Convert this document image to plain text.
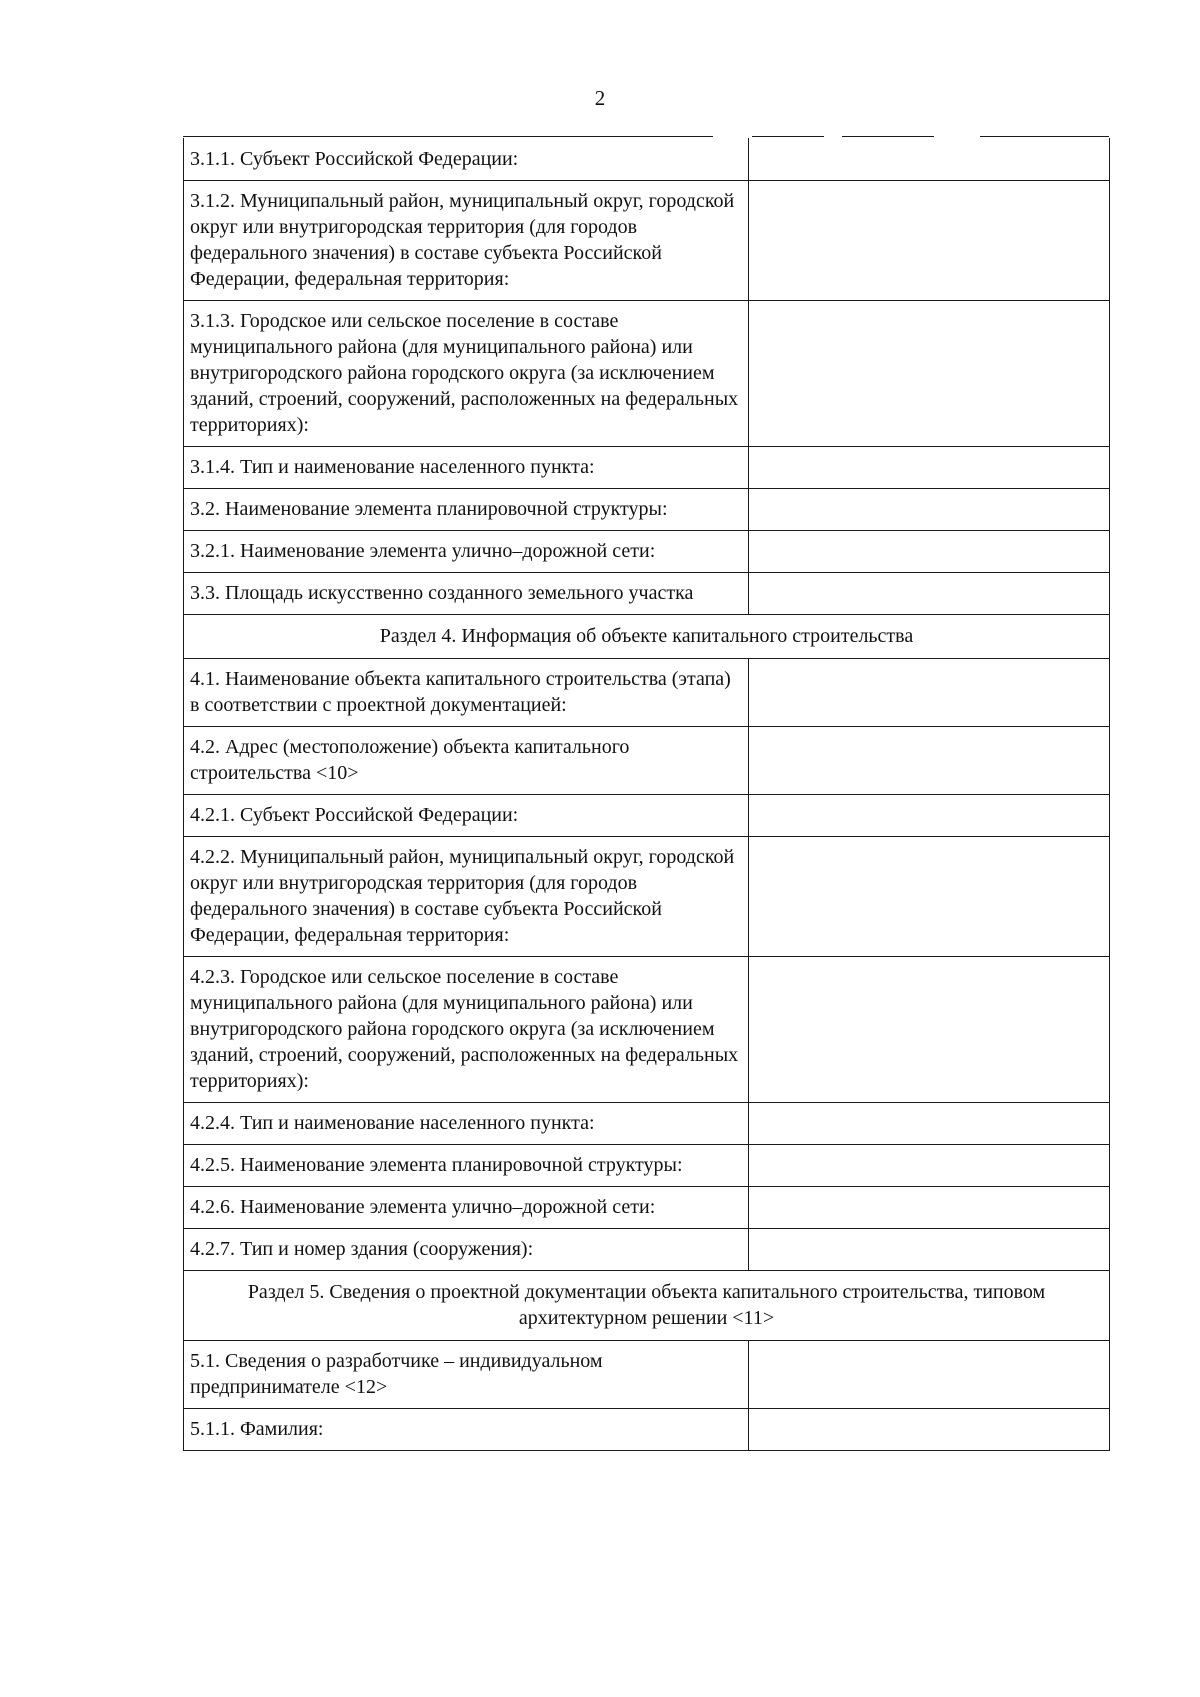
2
3.1.1. Субъект Российской Федерации:	
3.1.2. Муниципальный район, муниципальный округ, городской округ или внутригородская территория (для городов федерального значения) в составе субъекта Российской Федерации, федеральная территория:	
3.1.3. Городское или сельское поселение в составе муниципального района (для муниципального района) или внутригородского района городского округа (за исключением зданий, строений, сооружений, расположенных на федеральных территориях):	
3.1.4. Тип и наименование населенного пункта:	
3.2. Наименование элемента планировочной структуры:	
3.2.1. Наименование элемента улично–дорожной сети:	
3.3. Площадь искусственно созданного земельного участка	
Раздел 4. Информация об объекте капитального строительства	
4.1. Наименование объекта капитального строительства (этапа) в соответствии с проектной документацией:	
4.2. Адрес (местоположение) объекта капитального строительства <10>	
4.2.1. Субъект Российской Федерации:	
4.2.2. Муниципальный район, муниципальный округ, городской округ или внутригородская территория (для городов федерального значения) в составе субъекта Российской Федерации, федеральная территория:	
4.2.3. Городское или сельское поселение в составе муниципального района (для муниципального района) или внутригородского района городского округа (за исключением зданий, строений, сооружений, расположенных на федеральных территориях):	
4.2.4. Тип и наименование населенного пункта:	
4.2.5. Наименование элемента планировочной структуры:	
4.2.6. Наименование элемента улично–дорожной сети:	
4.2.7. Тип и номер здания (сооружения):	
Раздел 5. Сведения о проектной документации объекта капитального строительства, типовом архитектурном решении <11>	
5.1. Сведения о разработчике – индивидуальном предпринимателе <12>	
5.1.1. Фамилия:	
